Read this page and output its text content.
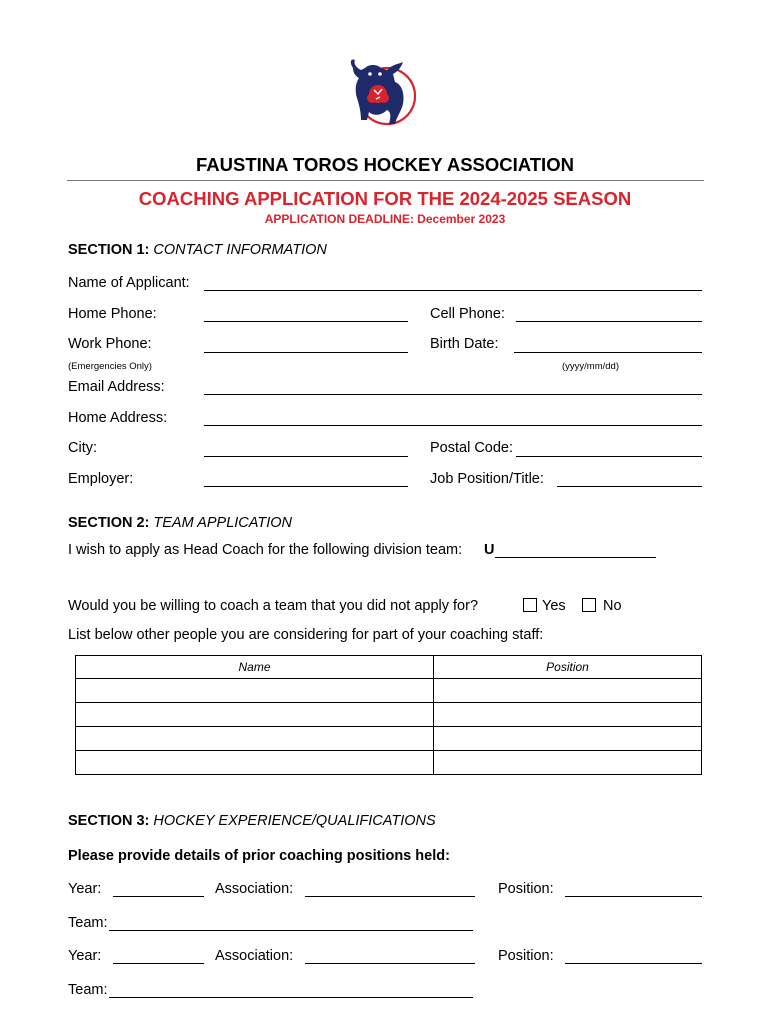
FAUSTINA TOROS HOCKEY ASSOCIATION
COACHING APPLICATION FOR THE 2024-2025 SEASON
APPLICATION DEADLINE: December 2023
SECTION 1: CONTACT INFORMATION
Name of Applicant:
Home Phone:	Cell Phone:
Work Phone:	Birth Date:
(Emergencies Only)	(yyyy/mm/dd)
Email Address:
Home Address:
City:	Postal Code:
Employer:	Job Position/Title:
SECTION 2: TEAM APPLICATION
I wish to apply as Head Coach for the following division team: U
Would you be willing to coach a team that you did not apply for?	Yes	No
List below other people you are considering for part of your coaching staff:
Name	Position

SECTION 3: HOCKEY EXPERIENCE/QUALIFICATIONS
Please provide details of prior coaching positions held:
Year:	Association:	Position:
Team:
Year:	Association:	Position:
Team:
